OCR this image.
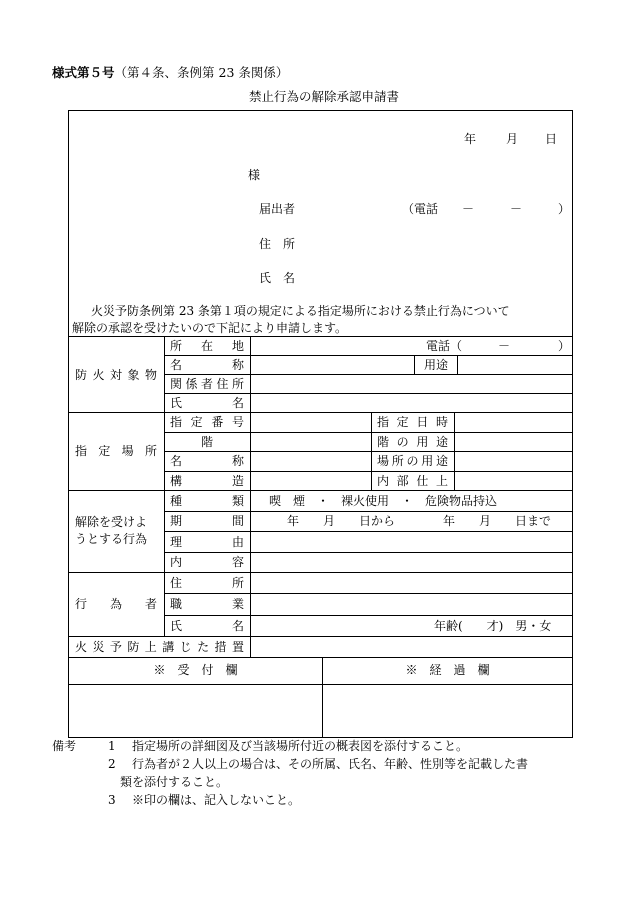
様式第５号（第４条、条例第 23 条関係）
禁止行為の解除承認申請書
年 月 日
様
届出者	（電話　　－　　　－　　　）
住　所
氏　名
火災予防条例第 23 条第１項の規定による指定場所における禁止行為について
解除の承認を受けたいので下記により申請します。
防 火 対 象 物
所 在 地	電話（　　　－　　　　）
名	称	用途
関 係 者 住 所
氏	名
指 定 場 所
指 定 番 号	指 定 日 時
階	階 の 用 途
名	称	場 所 の 用 途
構	造	内 部 仕 上
解除を受けよ
うとする行為
種	類 喫　煙　・　裸火使用　・　危険物品持込
期	間	年　　月　　日から　　　　年　　月　　日まで
理	由
内	容
行 為 者
住	所
職	業
氏	名	年齢(　　才)　男・女
火 災 予 防 上 講 じ た 措 置
※　受　付　欄	※　経　過　欄
備考	1 指定場所の詳細図及び当該場所付近の概表図を添付すること。
2 行為者が２人以上の場合は、その所属、氏名、年齢、性別等を記載した書
類を添付すること。
3 ※印の欄は、記入しないこと。
